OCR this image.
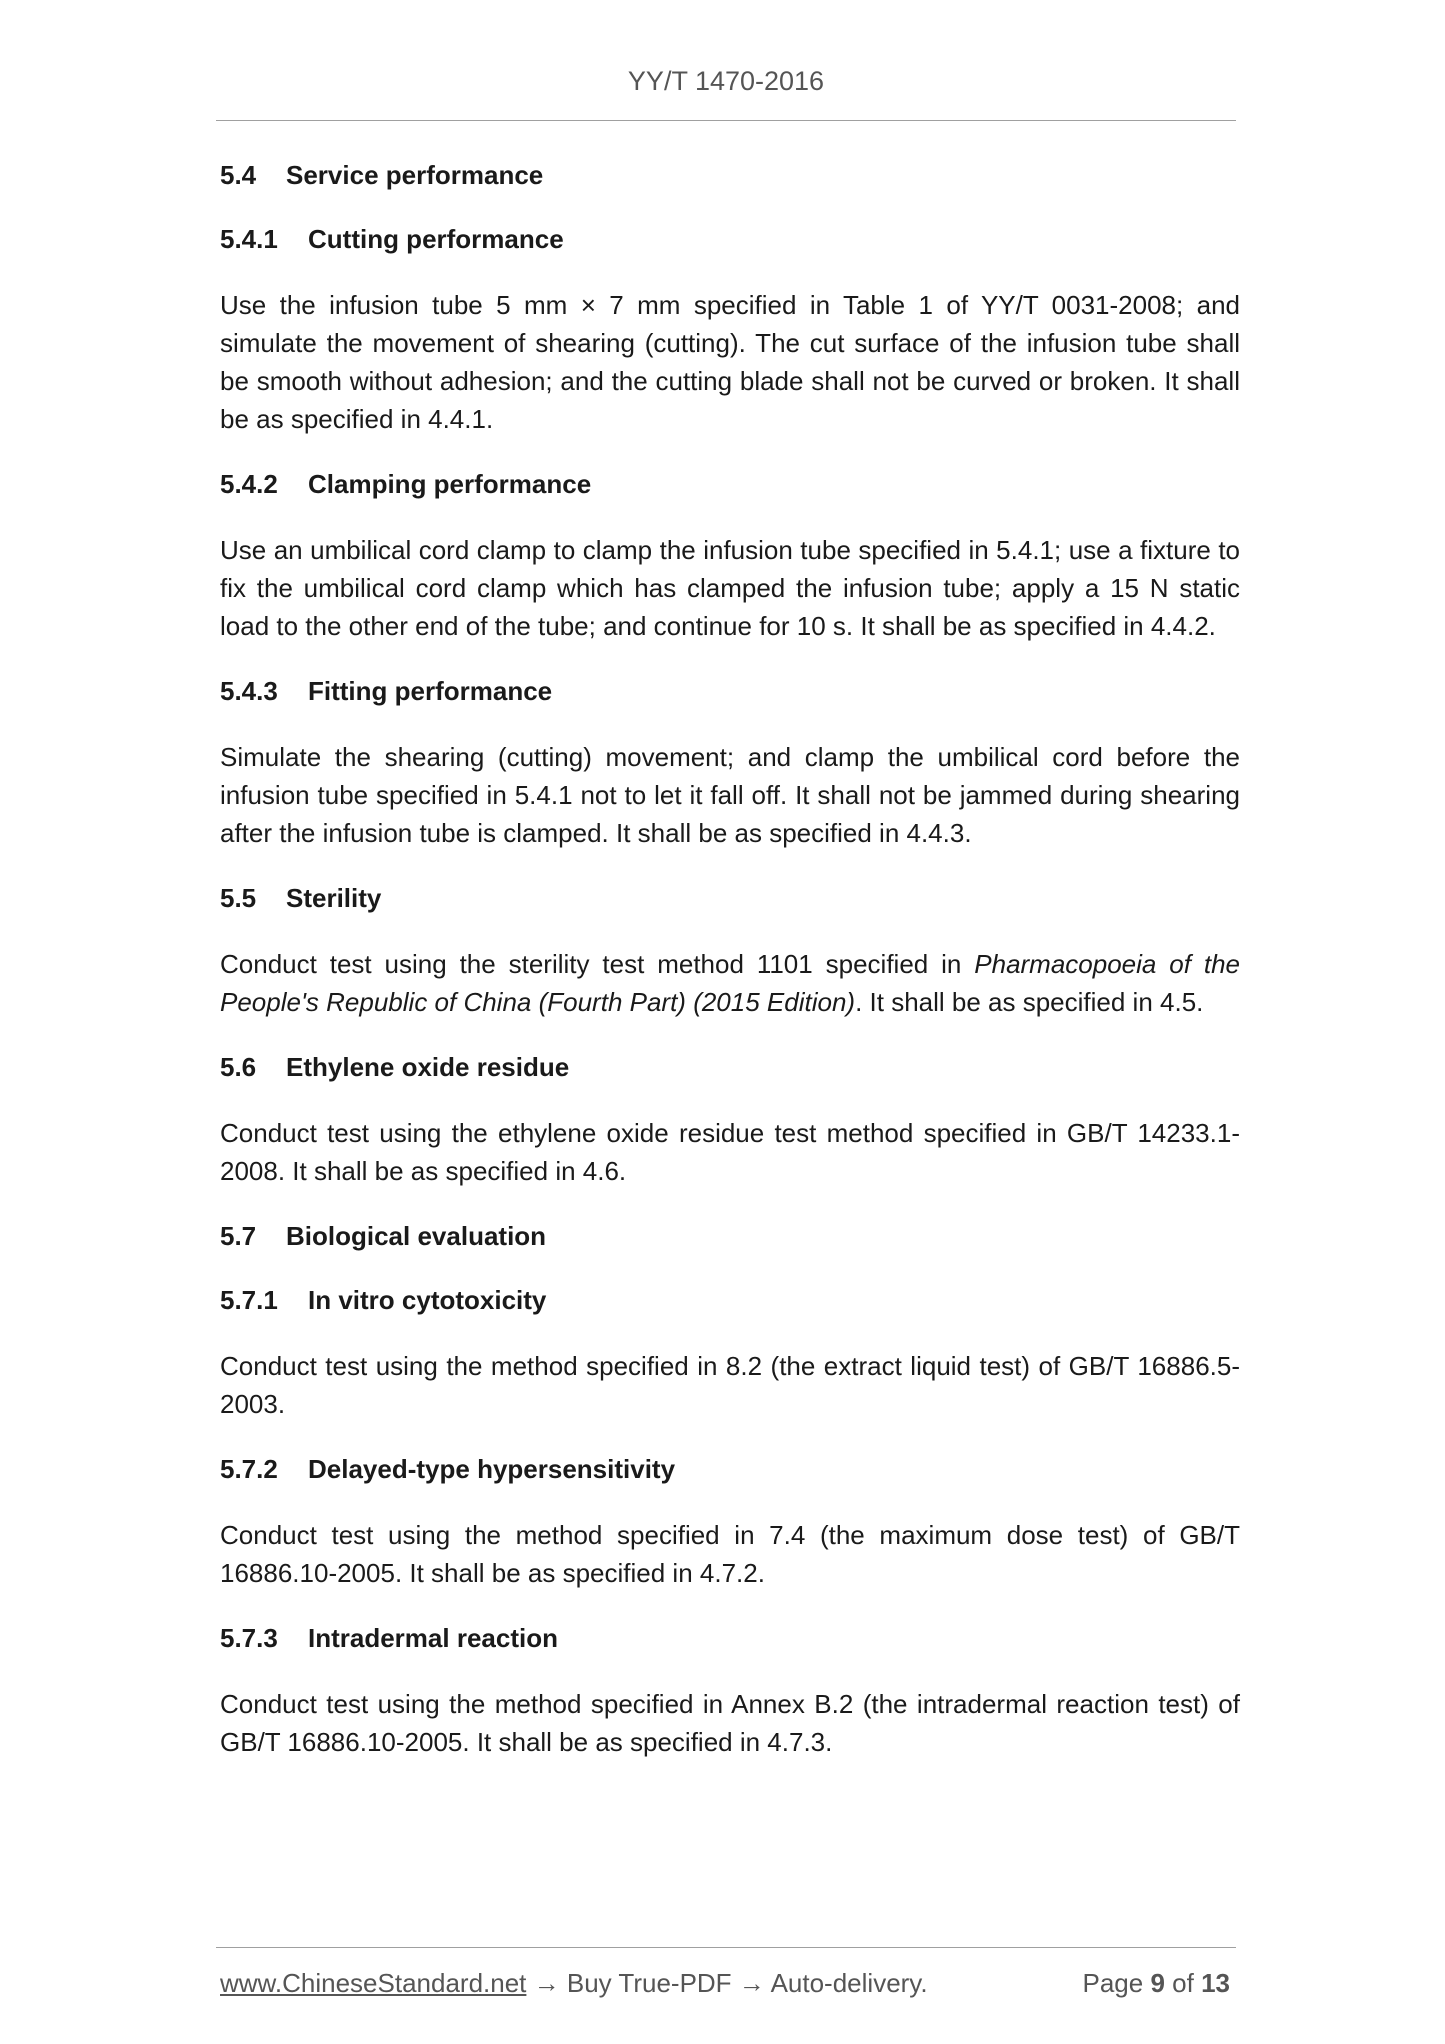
YY/T 1470-2016
5.4 Service performance
5.4.1 Cutting performance

Use the infusion tube 5 mm × 7 mm specified in Table 1 of YY/T 0031-2008; and simulate the movement of shearing (cutting). The cut surface of the infusion tube shall be smooth without adhesion; and the cutting blade shall not be curved or broken. It shall be as specified in 4.4.1.

5.4.2 Clamping performance

Use an umbilical cord clamp to clamp the infusion tube specified in 5.4.1; use a fixture to fix the umbilical cord clamp which has clamped the infusion tube; apply a 15 N static load to the other end of the tube; and continue for 10 s. It shall be as specified in 4.4.2.

5.4.3 Fitting performance

Simulate the shearing (cutting) movement; and clamp the umbilical cord before the infusion tube specified in 5.4.1 not to let it fall off. It shall not be jammed during shearing after the infusion tube is clamped. It shall be as specified in 4.4.3.

5.5 Sterility

Conduct test using the sterility test method 1101 specified in Pharmacopoeia of the People's Republic of China (Fourth Part) (2015 Edition). It shall be as specified in 4.5.

5.6 Ethylene oxide residue

Conduct test using the ethylene oxide residue test method specified in GB/T 14233.1-2008. It shall be as specified in 4.6.

5.7 Biological evaluation
5.7.1 In vitro cytotoxicity

Conduct test using the method specified in 8.2 (the extract liquid test) of GB/T 16886.5-2003.

5.7.2 Delayed-type hypersensitivity

Conduct test using the method specified in 7.4 (the maximum dose test) of GB/T 16886.10-2005. It shall be as specified in 4.7.2.

5.7.3 Intradermal reaction

Conduct test using the method specified in Annex B.2 (the intradermal reaction test) of GB/T 16886.10-2005. It shall be as specified in 4.7.3.

www.ChineseStandard.net → Buy True-PDF → Auto-delivery.	Page 9 of 13
